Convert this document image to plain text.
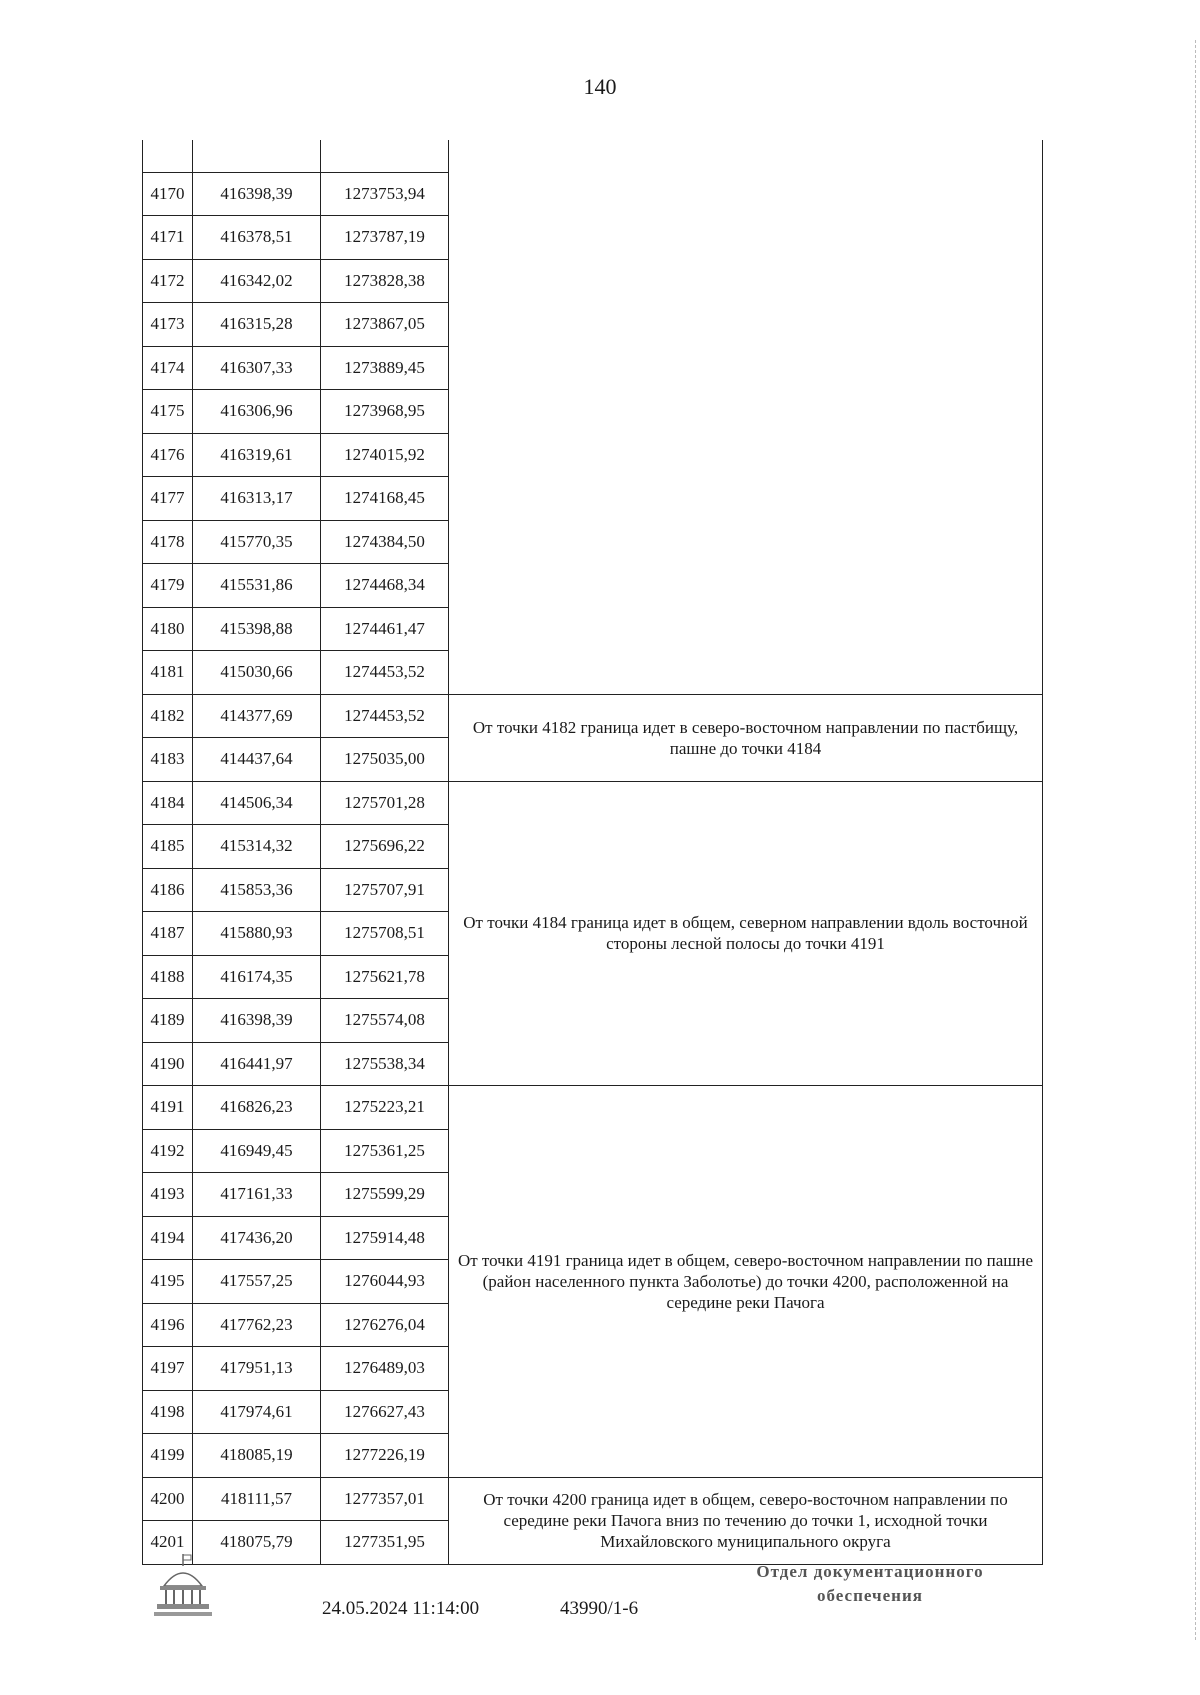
140

4170	416398,39	1273753,94	
4171	416378,51	1273787,19	
4172	416342,02	1273828,38	
4173	416315,28	1273867,05	
4174	416307,33	1273889,45	
4175	416306,96	1273968,95	
4176	416319,61	1274015,92	
4177	416313,17	1274168,45	
4178	415770,35	1274384,50	
4179	415531,86	1274468,34	
4180	415398,88	1274461,47	
4181	415030,66	1274453,52	
4182	414377,69	1274453,52	От точки 4182 граница идет в северо-восточном направлении по пастбищу, пашне до точки 4184
4183	414437,64	1275035,00	
4184	414506,34	1275701,28	От точки 4184 граница идет в общем, северном направлении вдоль восточной стороны лесной полосы до точки 4191
4185	415314,32	1275696,22	
4186	415853,36	1275707,91	
4187	415880,93	1275708,51	
4188	416174,35	1275621,78	
4189	416398,39	1275574,08	
4190	416441,97	1275538,34	
4191	416826,23	1275223,21	От точки 4191 граница идет в общем, северо-восточном направлении по пашне (район населенного пункта Заболотье) до точки 4200, расположенной на середине реки Пачога
4192	416949,45	1275361,25	
4193	417161,33	1275599,29	
4194	417436,20	1275914,48	
4195	417557,25	1276044,93	
4196	417762,23	1276276,04	
4197	417951,13	1276489,03	
4198	417974,61	1276627,43	
4199	418085,19	1277226,19	
4200	418111,57	1277357,01	От точки 4200 граница идет в общем, северо-восточном направлении по середине реки Пачога вниз по течению до точки 1, исходной точки Михайловского муниципального округа
4201	418075,79	1277351,95	
24.05.2024 11:14:00	43990/1-6
Отдел документационного
обеспечения
